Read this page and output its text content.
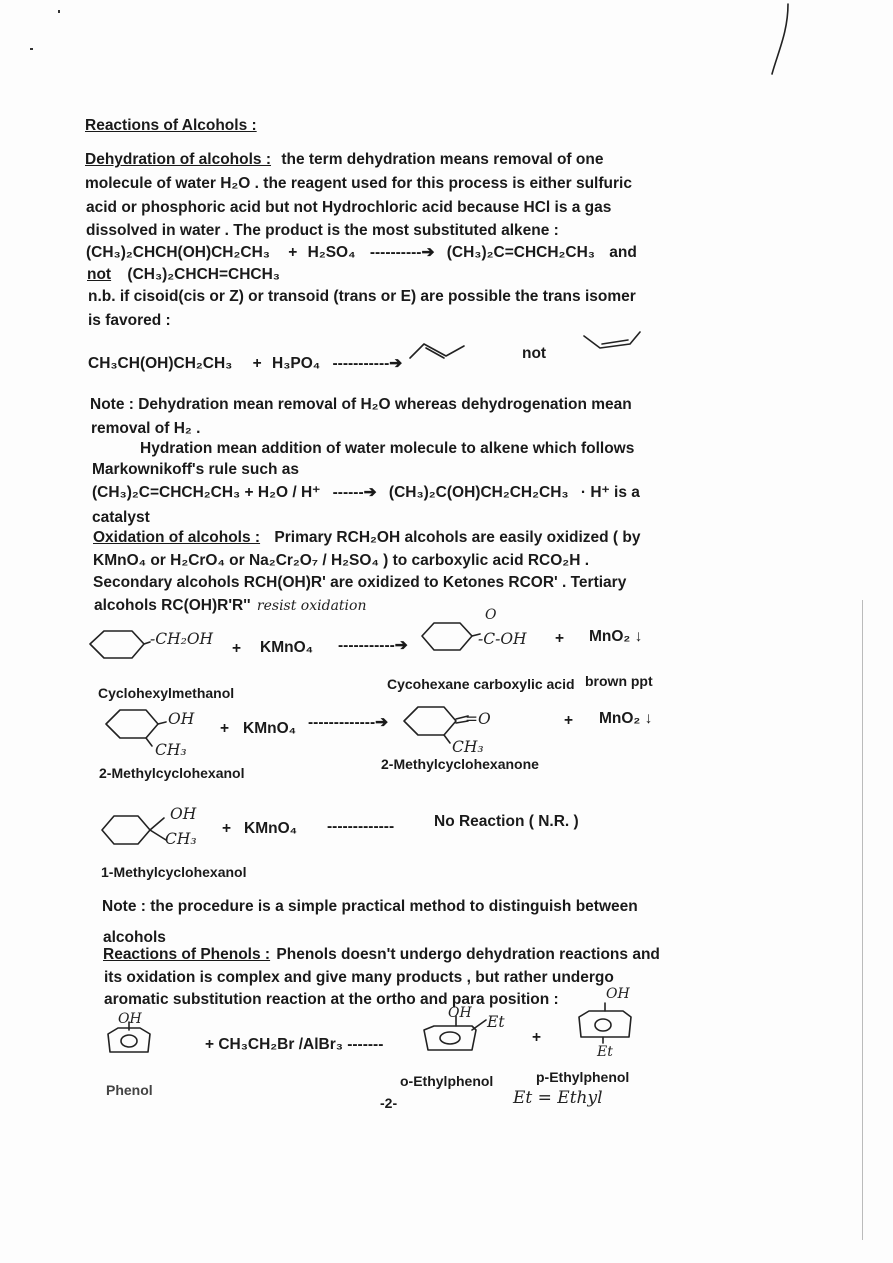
Reactions of Alcohols :
Dehydration of alcohols : the term dehydration means removal of one
molecule of water H₂O . the reagent used for this process is either sulfuric
acid or phosphoric acid but not Hydrochloric acid because HCl is a gas
dissolved in water . The product is the most substituted alkene :
(CH₃)₂CHCH(OH)CH₂CH₃ + H₂SO₄ ----------➔ (CH₃)₂C=CHCH₂CH₃ and
not (CH₃)₂CHCH=CHCH₃
n.b. if cisoid(cis or Z) or transoid (trans or E) are possible the trans isomer
is favored :
CH₃CH(OH)CH₂CH₃ + H₃PO₄ -----------➔
not
Note : Dehydration mean removal of H₂O whereas dehydrogenation mean
removal of H₂ .
Hydration mean addition of water molecule to alkene which follows
Markownikoff's rule such as
(CH₃)₂C=CHCH₂CH₃ + H₂O / H⁺ ------➔ (CH₃)₂C(OH)CH₂CH₂CH₃ · H⁺ is a
catalyst
Oxidation of alcohols : Primary RCH₂OH alcohols are easily oxidized ( by
KMnO₄ or H₂CrO₄ or Na₂Cr₂O₇ / H₂SO₄ ) to carboxylic acid RCO₂H .
Secondary alcohols RCH(OH)R' are oxidized to Ketones RCOR' . Tertiary
alcohols RC(OH)R'R'' resist oxidation
-CH₂OH
+ KMnO₄ -----------➔
O
-C-OH + MnO₂ ↓
Cyclohexylmethanol
Cycohexane carboxylic acid brown ppt
OH
CH₃
+ KMnO₄ -------------➔	=O
CH₃
+ MnO₂ ↓
2-Methylcyclohexanol
2-Methylcyclohexanone
OH
CH₃
+ KMnO₄ -------------	No Reaction ( N.R. )
1-Methylcyclohexanol
Note : the procedure is a simple practical method to distinguish between
alcohols
Reactions of Phenols : Phenols doesn't undergo dehydration reactions and
its oxidation is complex and give many products , but rather undergo
aromatic substitution reaction at the ortho and para position :	OH
OH
+ CH₃CH₂Br /AlBr₃ -------
OH Et
+
Et
Phenol
o-Ethylphenol	p-Ethylphenol
-2-	Et = Ethyl
